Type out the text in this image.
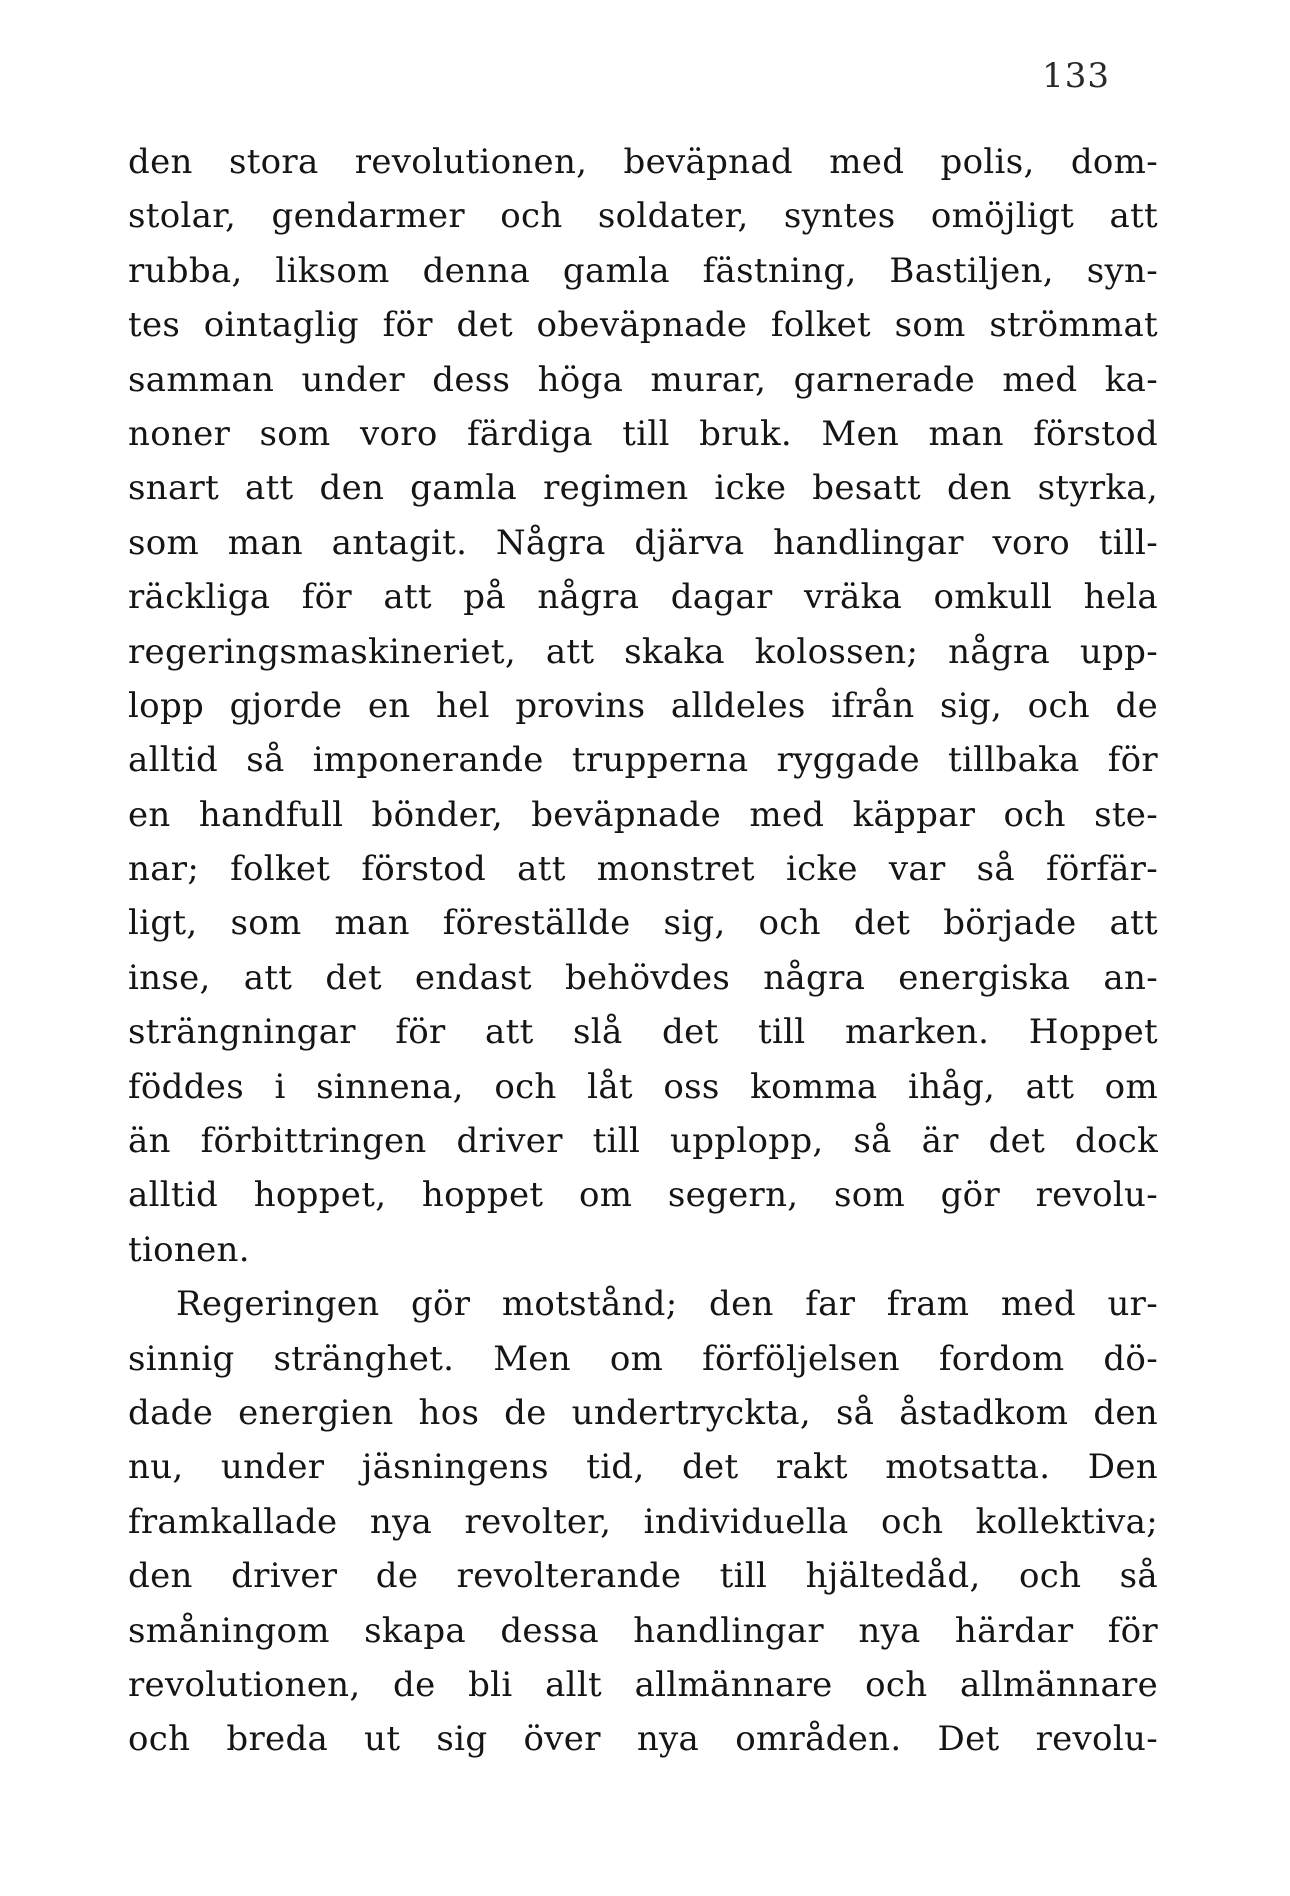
133
den stora revolutionen, beväpnad med polis, dom-
stolar, gendarmer och soldater, syntes omöjligt att
rubba, liksom denna gamla fästning, Bastiljen, syn-
tes ointaglig för det obeväpnade folket som strömmat
samman under dess höga murar, garnerade med ka-
noner som voro färdiga till bruk. Men man förstod
snart att den gamla regimen icke besatt den styrka,
som man antagit. Några djärva handlingar voro till-
räckliga för att på några dagar vräka omkull hela
regeringsmaskineriet, att skaka kolossen; några upp-
lopp gjorde en hel provins alldeles ifrån sig, och de
alltid så imponerande trupperna ryggade tillbaka för
en handfull bönder, beväpnade med käppar och ste-
nar; folket förstod att monstret icke var så förfär-
ligt, som man föreställde sig, och det började att
inse, att det endast behövdes några energiska an-
strängningar för att slå det till marken. Hoppet
föddes i sinnena, och låt oss komma ihåg, att om
än förbittringen driver till upplopp, så är det dock
alltid hoppet, hoppet om segern, som gör revolu-
tionen.
Regeringen gör motstånd; den far fram med ur-
sinnig stränghet. Men om förföljelsen fordom dö-
dade energien hos de undertryckta, så åstadkom den
nu, under jäsningens tid, det rakt motsatta. Den
framkallade nya revolter, individuella och kollektiva;
den driver de revolterande till hjältedåd, och så
småningom skapa dessa handlingar nya härdar för
revolutionen, de bli allt allmännare och allmännare
och breda ut sig över nya områden. Det revolu-
